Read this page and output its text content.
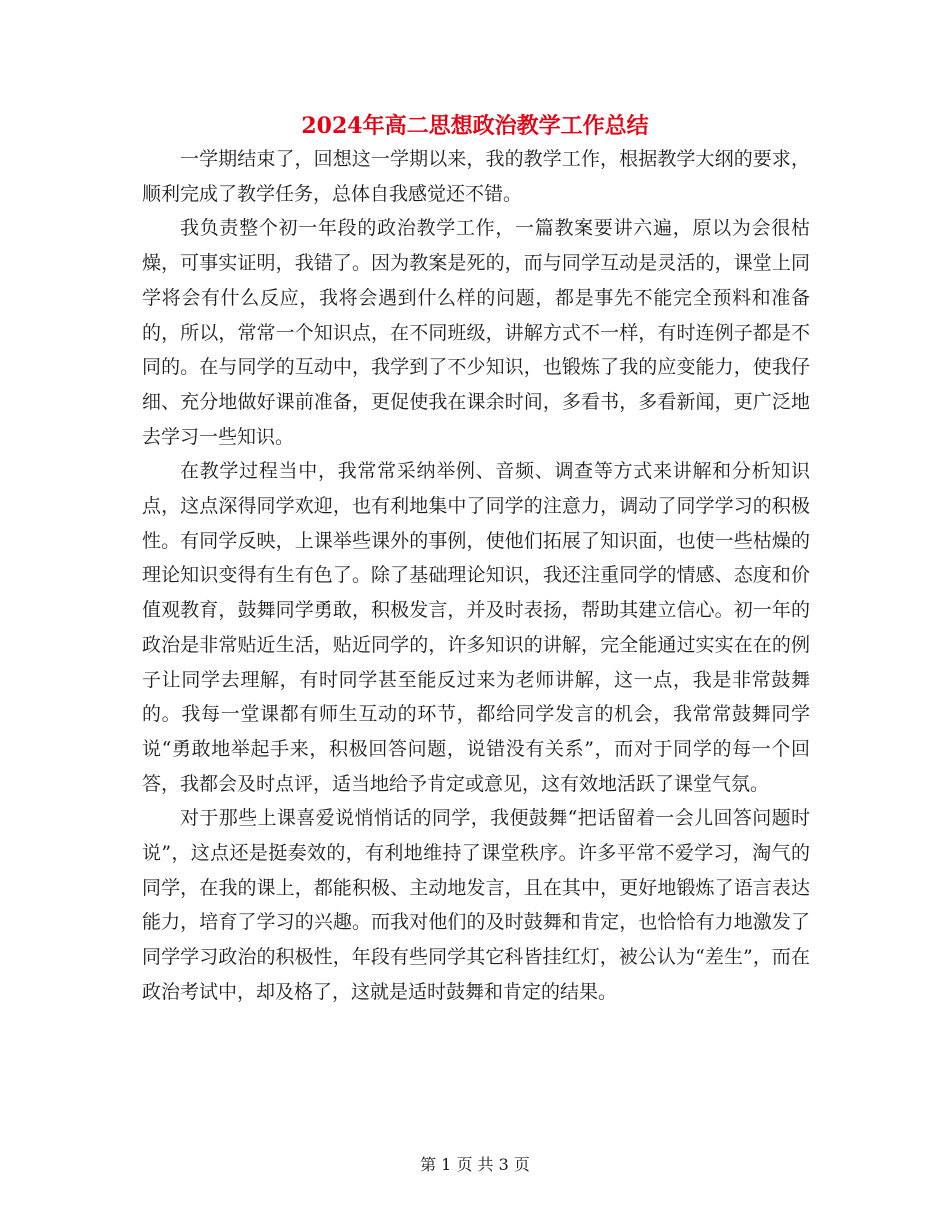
2024年高二思想政治教学工作总结

一学期结束了，回想这一学期以来，我的教学工作，根据教学大纲的要求，顺利完成了教学任务，总体自我感觉还不错。

我负责整个初一年段的政治教学工作，一篇教案要讲六遍，原以为会很枯燥，可事实证明，我错了。因为教案是死的，而与同学互动是灵活的，课堂上同学将会有什么反应，我将会遇到什么样的问题，都是事先不能完全预料和准备的，所以，常常一个知识点，在不同班级，讲解方式不一样，有时连例子都是不同的。在与同学的互动中，我学到了不少知识，也锻炼了我的应变能力，使我仔细、充分地做好课前准备，更促使我在课余时间，多看书，多看新闻，更广泛地去学习一些知识。

在教学过程当中，我常常采纳举例、音频、调查等方式来讲解和分析知识点，这点深得同学欢迎，也有利地集中了同学的注意力，调动了同学学习的积极性。有同学反映，上课举些课外的事例，使他们拓展了知识面，也使一些枯燥的理论知识变得有生有色了。除了基础理论知识，我还注重同学的情感、态度和价值观教育，鼓舞同学勇敢，积极发言，并及时表扬，帮助其建立信心。初一年的政治是非常贴近生活，贴近同学的，许多知识的讲解，完全能通过实实在在的例子让同学去理解，有时同学甚至能反过来为老师讲解，这一点，我是非常鼓舞的。我每一堂课都有师生互动的环节，都给同学发言的机会，我常常鼓舞同学说“勇敢地举起手来，积极回答问题，说错没有关系”，而对于同学的每一个回答，我都会及时点评，适当地给予肯定或意见，这有效地活跃了课堂气氛。

对于那些上课喜爱说悄悄话的同学，我便鼓舞“把话留着一会儿回答问题时说”，这点还是挺奏效的，有利地维持了课堂秩序。许多平常不爱学习，淘气的同学，在我的课上，都能积极、主动地发言，且在其中，更好地锻炼了语言表达能力，培育了学习的兴趣。而我对他们的及时鼓舞和肯定，也恰恰有力地激发了同学学习政治的积极性，年段有些同学其它科皆挂红灯，被公认为“差生”，而在政治考试中，却及格了，这就是适时鼓舞和肯定的结果。

第 1 页 共 3 页
